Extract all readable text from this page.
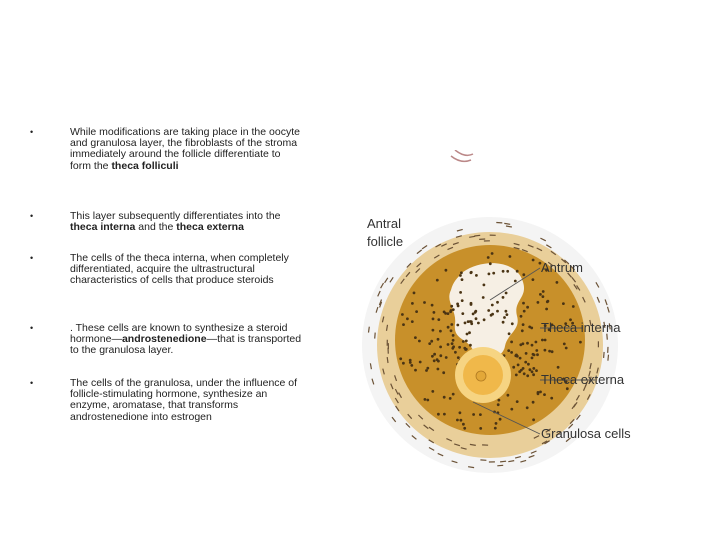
•	While modifications are taking place in the oocyte and granulosa layer, the fibroblasts of the stroma immediately around the follicle differentiate to form the theca folliculi
•	This layer subsequently differentiates into the theca interna and the theca externa
•	The cells of the theca interna, when completely differentiated, acquire the ultrastructural characteristics of cells that produce steroids
•	. These cells are known to synthesize a steroid hormone—androstenedione—that is transported to the granulosa layer.
•	The cells of the granulosa, under the influence of follicle-stimulating hormone, synthesize an enzyme, aromatase, that transforms androstenedione into estrogen
Antral
follicle
Antrum
Theca interna
Theca externa
Granulosa cells
